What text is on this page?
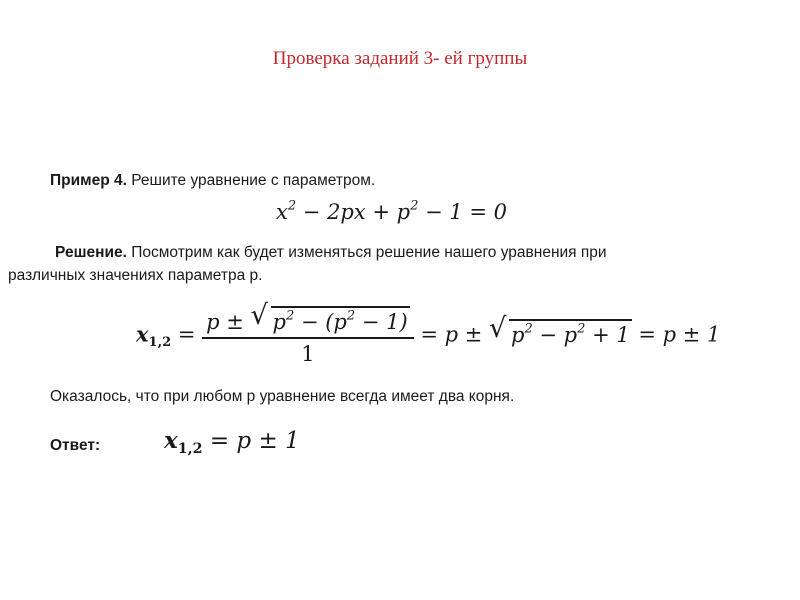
Проверка заданий 3- ей группы
Пример 4. Решите уравнение с параметром.
$x^2 - 2px + p^2 - 1 = 0$
Решение. Посмотрим как будет изменяться решение нашего уравнения при
различных значениях параметра р.
$x_{1,2} = \frac{p \pm √ p^2 - (p^2 - 1)}{1} = p$ ± √ $p^2 - p^2 + 1 = p \pm 1$
Оказалось, что при любом р уравнение всегда имеет два корня.
Ответ:	$x_{1,2} = p \pm 1$
